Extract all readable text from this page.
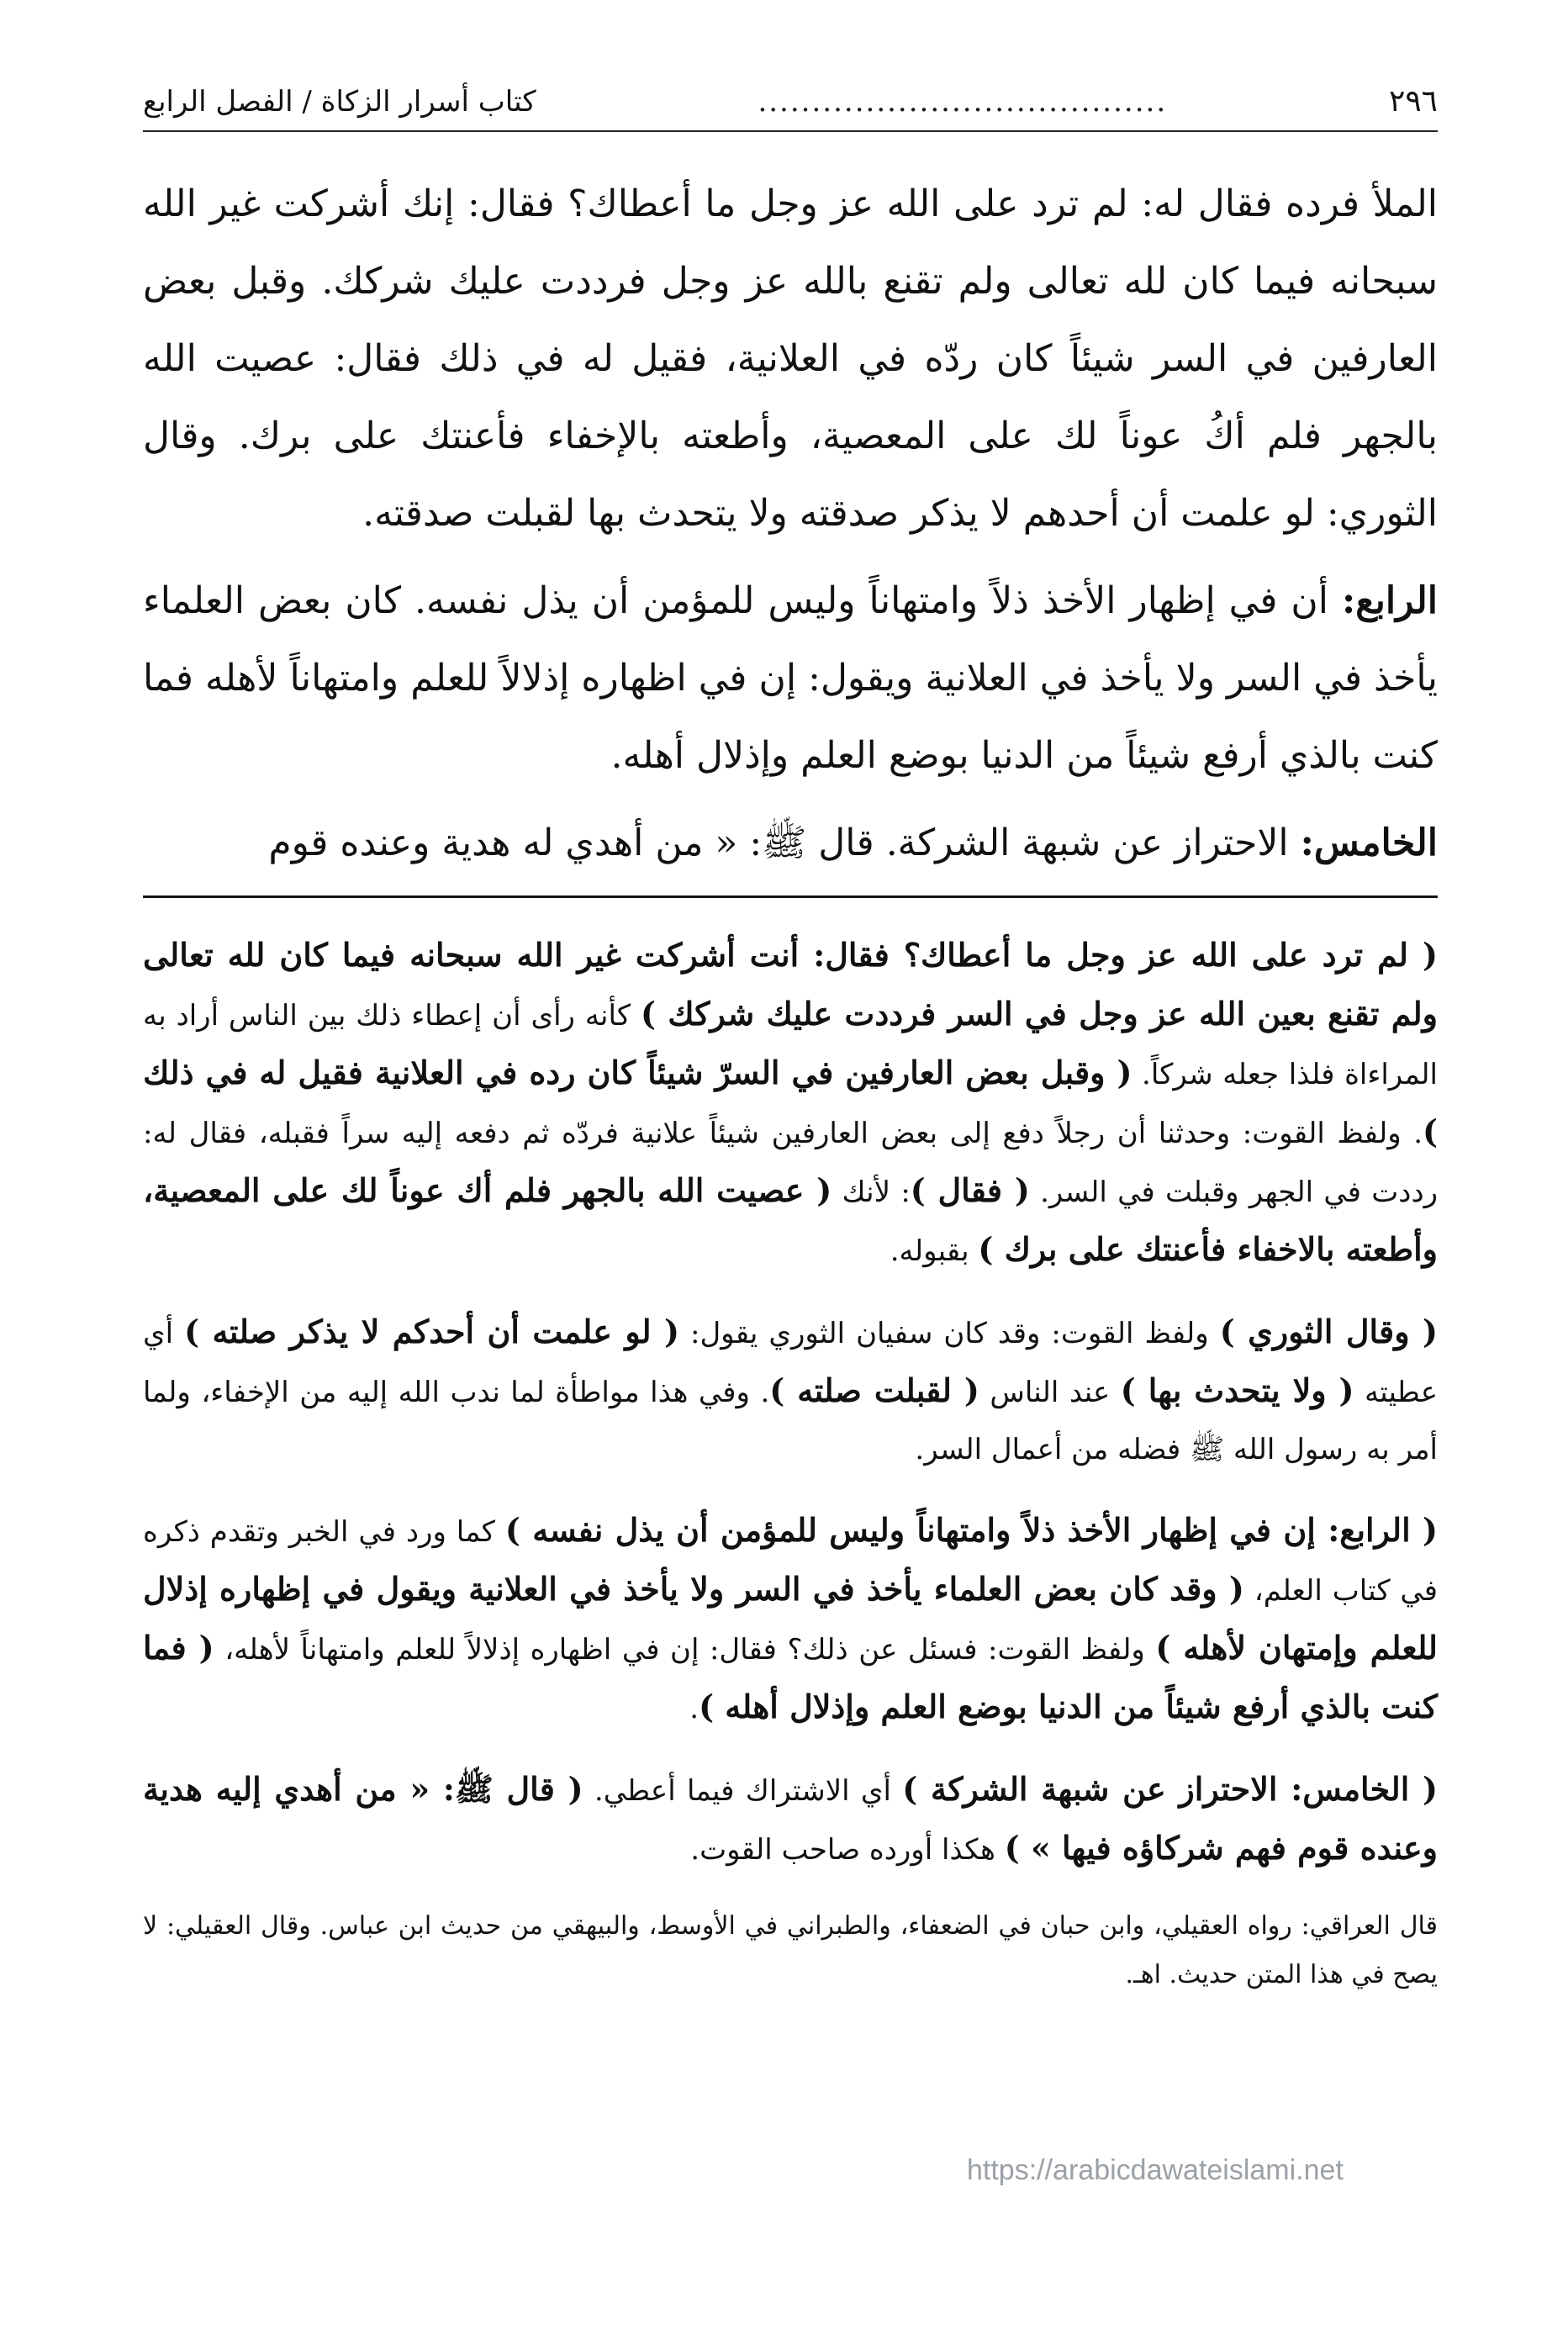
٢٩٦
......................................
كتاب أسرار الزكاة / الفصل الرابع

الملأ فرده فقال له: لم ترد على الله عز وجل ما أعطاك؟ فقال: إنك أشركت غير الله سبحانه فيما كان لله تعالى ولم تقنع بالله عز وجل فرددت عليك شركك. وقبل بعض العارفين في السر شيئاً كان ردّه في العلانية، فقيل له في ذلك فقال: عصيت الله بالجهر فلم أكُ عوناً لك على المعصية، وأطعته بالإخفاء فأعنتك على برك. وقال الثوري: لو علمت أن أحدهم لا يذكر صدقته ولا يتحدث بها لقبلت صدقته.

الرابع: أن في إظهار الأخذ ذلاً وامتهاناً وليس للمؤمن أن يذل نفسه. كان بعض العلماء يأخذ في السر ولا يأخذ في العلانية ويقول: إن في اظهاره إذلالاً للعلم وامتهاناً لأهله فما كنت بالذي أرفع شيئاً من الدنيا بوضع العلم وإذلال أهله.

الخامس: الاحتراز عن شبهة الشركة. قال ﷺ: « من أهدي له هدية وعنده قوم

( لم ترد على الله عز وجل ما أعطاك؟ فقال: أنت أشركت غير الله سبحانه فيما كان لله تعالى ولم تقنع بعين الله عز وجل في السر فرددت عليك شركك ) كأنه رأى أن إعطاء ذلك بين الناس أراد به المراءاة فلذا جعله شركاً. ( وقبل بعض العارفين في السرّ شيئاً كان رده في العلانية فقيل له في ذلك ). ولفظ القوت: وحدثنا أن رجلاً دفع إلى بعض العارفين شيئاً علانية فردّه ثم دفعه إليه سراً فقبله، فقال له: رددت في الجهر وقبلت في السر. ( فقال ): لأنك ( عصيت الله بالجهر فلم أك عوناً لك على المعصية، وأطعته بالاخفاء فأعنتك على برك ) بقبوله.

( وقال الثوري ) ولفظ القوت: وقد كان سفيان الثوري يقول: ( لو علمت أن أحدكم لا يذكر صلته ) أي عطيته ( ولا يتحدث بها ) عند الناس ( لقبلت صلته ). وفي هذا مواطأة لما ندب الله إليه من الإخفاء، ولما أمر به رسول الله ﷺ فضله من أعمال السر.

( الرابع: إن في إظهار الأخذ ذلاً وامتهاناً وليس للمؤمن أن يذل نفسه ) كما ورد في الخبر وتقدم ذكره في كتاب العلم، ( وقد كان بعض العلماء يأخذ في السر ولا يأخذ في العلانية ويقول في إظهاره إذلال للعلم وإمتهان لأهله ) ولفظ القوت: فسئل عن ذلك؟ فقال: إن في اظهاره إذلالاً للعلم وامتهاناً لأهله، ( فما كنت بالذي أرفع شيئاً من الدنيا بوضع العلم وإذلال أهله ).

( الخامس: الاحتراز عن شبهة الشركة ) أي الاشتراك فيما أعطي. ( قال ﷺ: « من أهدي إليه هدية وعنده قوم فهم شركاؤه فيها » ) هكذا أورده صاحب القوت.

قال العراقي: رواه العقيلي، وابن حبان في الضعفاء، والطبراني في الأوسط، والبيهقي من حديث ابن عباس. وقال العقيلي: لا يصح في هذا المتن حديث. اهـ.

https://arabicdawateislami.net
